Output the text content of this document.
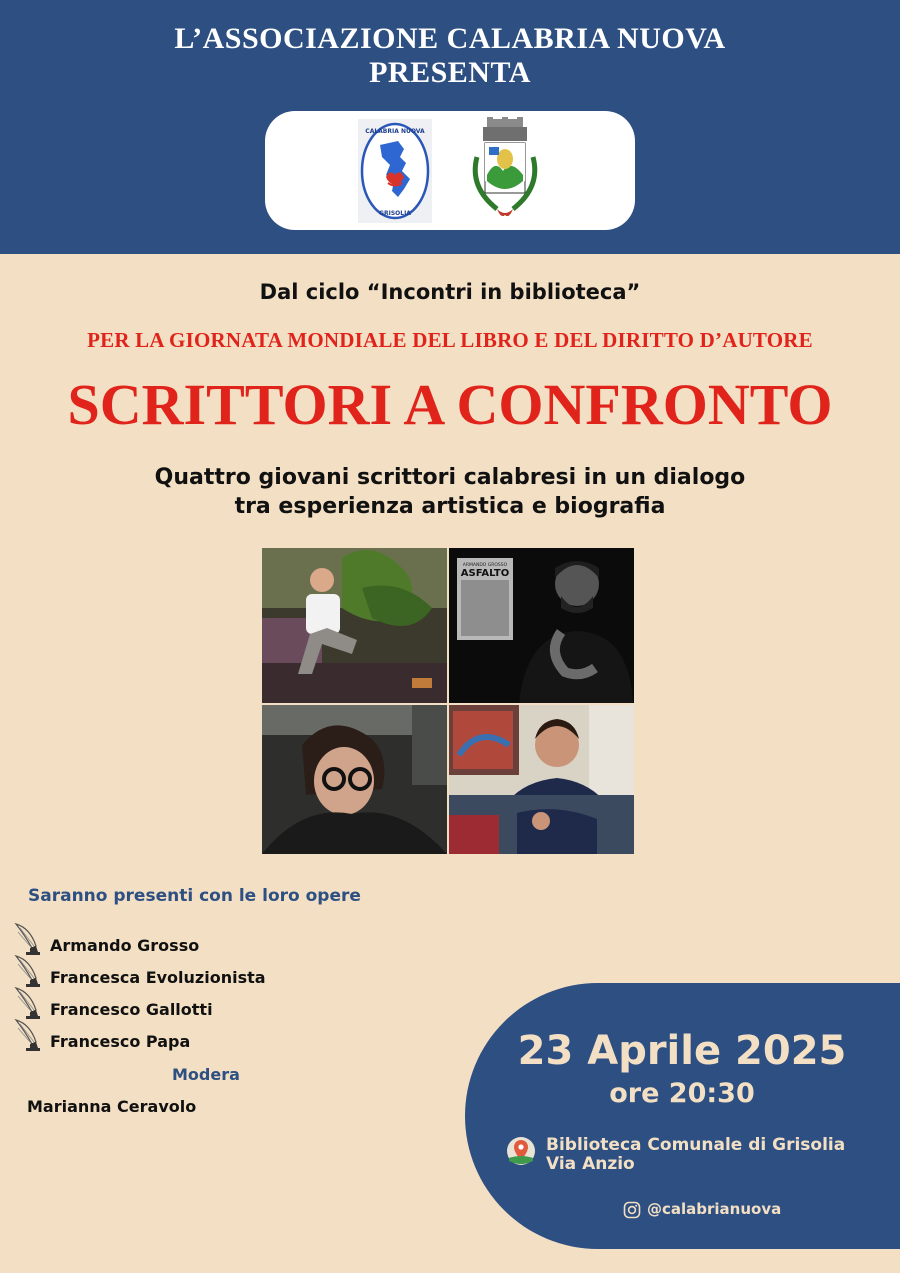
L’ASSOCIAZIONE CALABRIA NUOVA
PRESENTA
CALABRIA NUOVA
GRISOLIA
Dal ciclo “Incontri in biblioteca”
PER LA GIORNATA MONDIALE DEL LIBRO E DEL DIRITTO D’AUTORE
SCRITTORI A CONFRONTO
Quattro giovani scrittori calabresi in un dialogo
tra esperienza artistica e biografia
ARMANDO GROSSO
ASFALTO
Saranno presenti con le loro opere
Armando Grosso
Francesca Evoluzionista
Francesco Gallotti
Francesco Papa
Modera
Marianna Ceravolo
23 Aprile 2025
ore 20:30
Biblioteca Comunale di Grisolia
Via Anzio
@calabrianuova
